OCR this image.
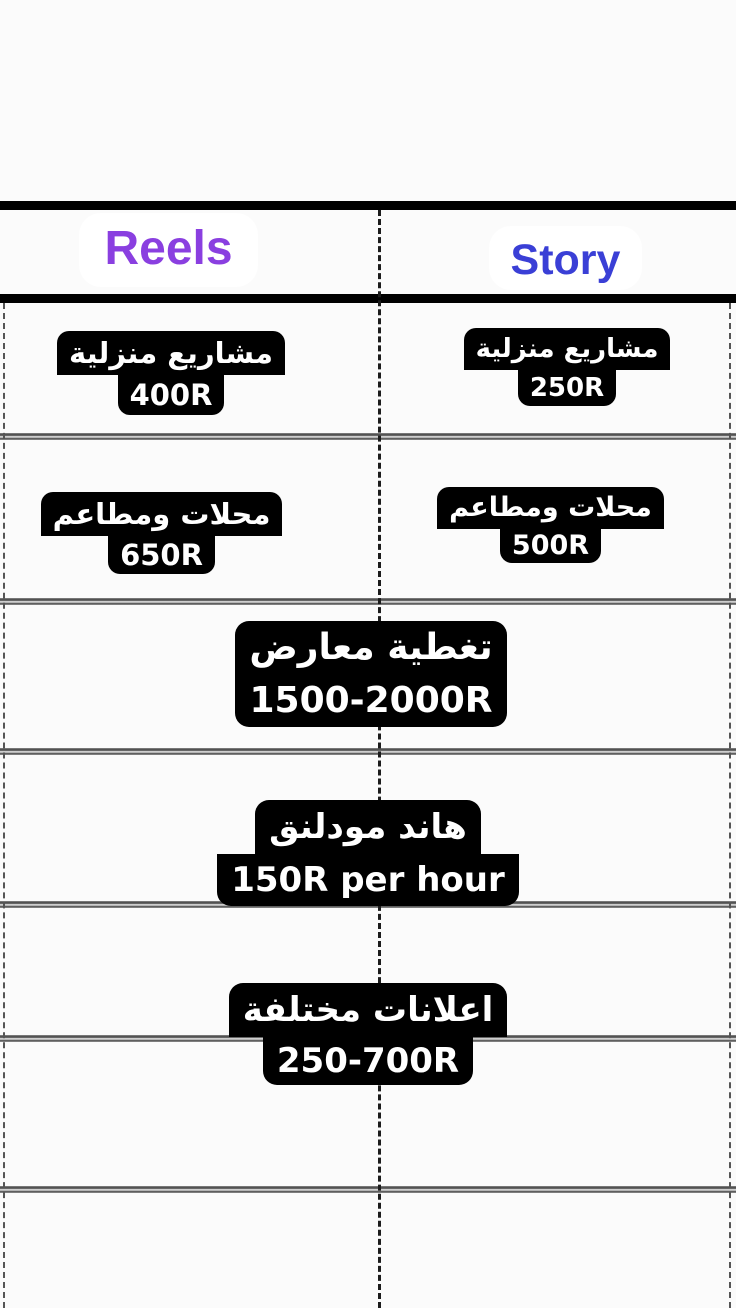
Reels	Story
مشاريع منزلية
400R
مشاريع منزلية
250R
محلات ومطاعم
650R
محلات ومطاعم
500R
تغطية معارض
1500-2000R
هاند مودلنق
150R per hour
اعلانات مختلفة
250-700R
